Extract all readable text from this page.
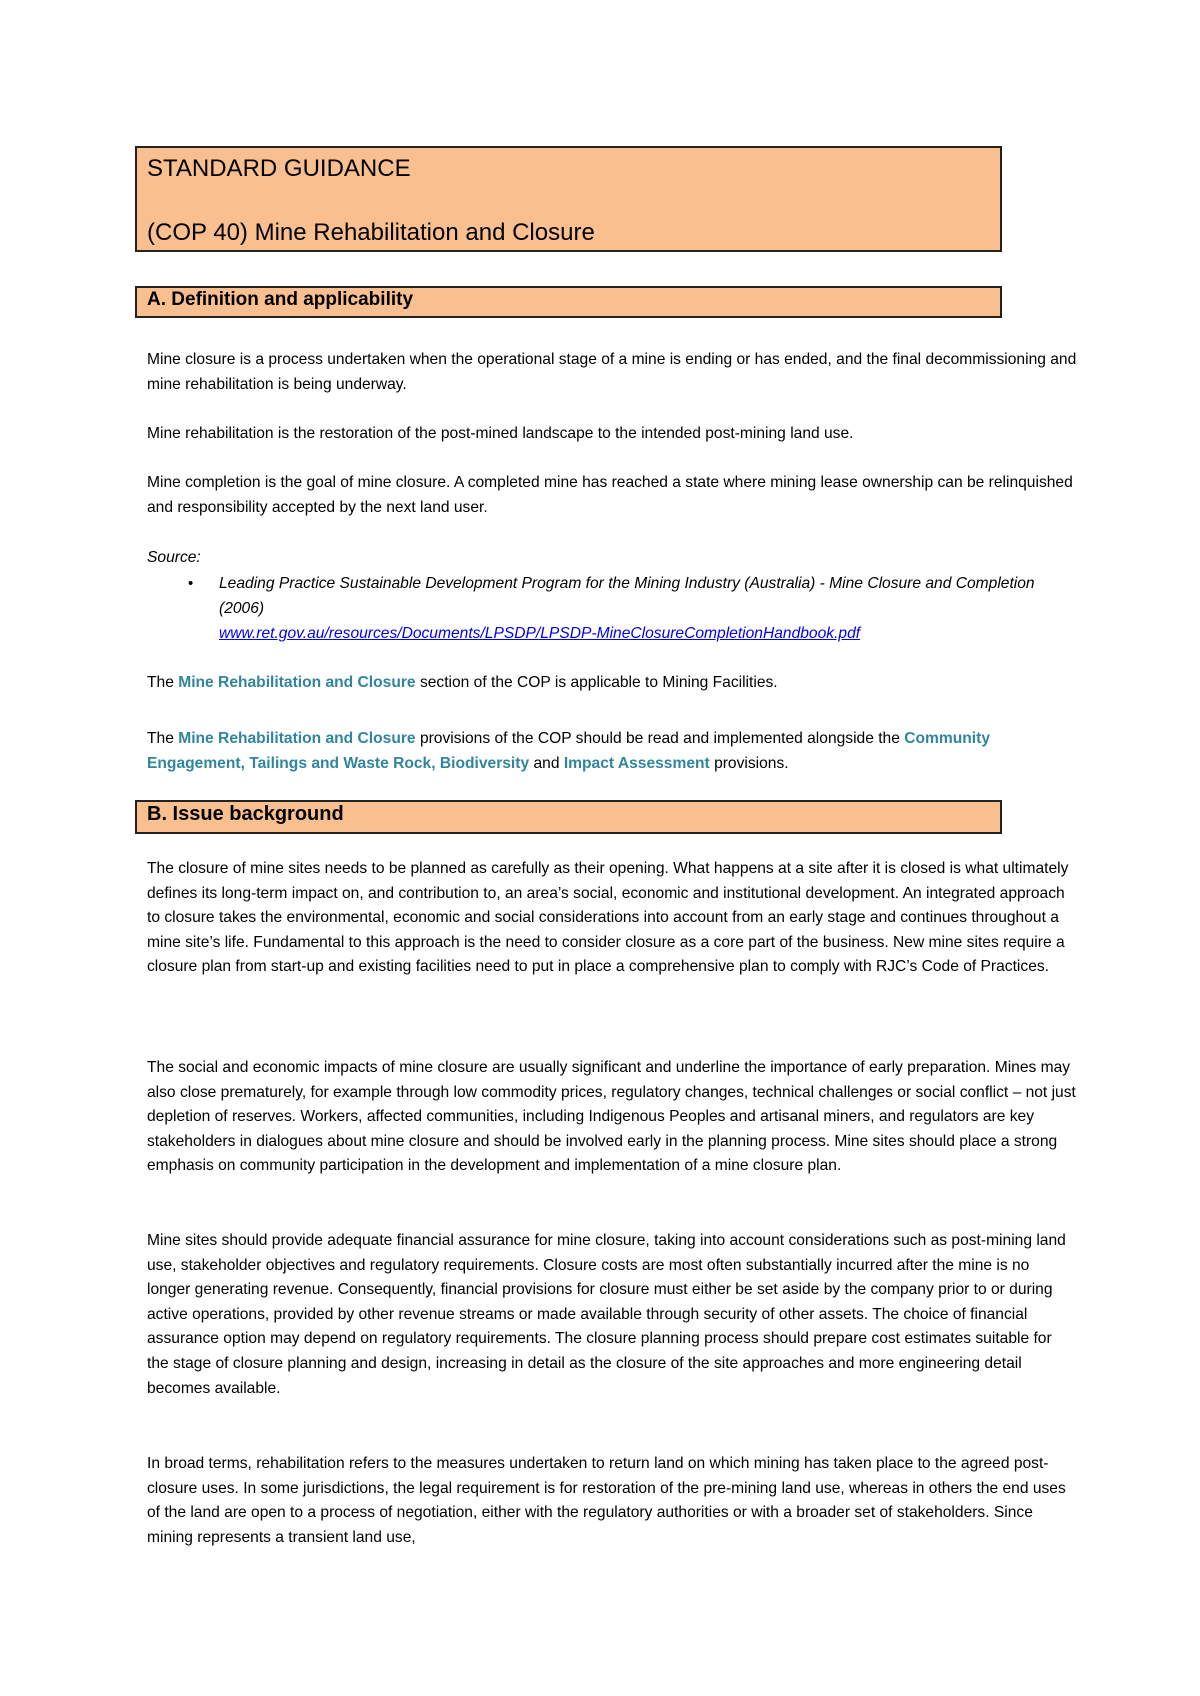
STANDARD GUIDANCE
(COP 40) Mine Rehabilitation and Closure
A. Definition and applicability

Mine closure is a process undertaken when the operational stage of a mine is ending or has ended, and the final decommissioning and mine rehabilitation is being underway.

Mine rehabilitation is the restoration of the post-mined landscape to the intended post-mining land use.

Mine completion is the goal of mine closure. A completed mine has reached a state where mining lease ownership can be relinquished and responsibility accepted by the next land user.

Source:

• Leading Practice Sustainable Development Program for the Mining Industry (Australia) - Mine Closure and Completion (2006)

www.ret.gov.au/resources/Documents/LPSDP/LPSDP-MineClosureCompletionHandbook.pdf

The Mine Rehabilitation and Closure section of the COP is applicable to Mining Facilities.

The Mine Rehabilitation and Closure provisions of the COP should be read and implemented alongside the Community Engagement, Tailings and Waste Rock, Biodiversity and Impact Assessment provisions.

B. Issue background

The closure of mine sites needs to be planned as carefully as their opening. What happens at a site after it is closed is what ultimately defines its long-term impact on, and contribution to, an area’s social, economic and institutional development. An integrated approach to closure takes the environmental, economic and social considerations into account from an early stage and continues throughout a mine site’s life. Fundamental to this approach is the need to consider closure as a core part of the business. New mine sites require a closure plan from start-up and existing facilities need to put in place a comprehensive plan to comply with RJC’s Code of Practices.

The social and economic impacts of mine closure are usually significant and underline the importance of early preparation. Mines may also close prematurely, for example through low commodity prices, regulatory changes, technical challenges or social conflict – not just depletion of reserves. Workers, affected communities, including Indigenous Peoples and artisanal miners, and regulators are key stakeholders in dialogues about mine closure and should be involved early in the planning process. Mine sites should place a strong emphasis on community participation in the development and implementation of a mine closure plan.

Mine sites should provide adequate financial assurance for mine closure, taking into account considerations such as post-mining land use, stakeholder objectives and regulatory requirements. Closure costs are most often substantially incurred after the mine is no longer generating revenue. Consequently, financial provisions for closure must either be set aside by the company prior to or during active operations, provided by other revenue streams or made available through security of other assets. The choice of financial assurance option may depend on regulatory requirements. The closure planning process should prepare cost estimates suitable for the stage of closure planning and design, increasing in detail as the closure of the site approaches and more engineering detail becomes available.

In broad terms, rehabilitation refers to the measures undertaken to return land on which mining has taken place to the agreed post-closure uses. In some jurisdictions, the legal requirement is for restoration of the pre-mining land use, whereas in others the end uses of the land are open to a process of negotiation, either with the regulatory authorities or with a broader set of stakeholders. Since mining represents a transient land use,
